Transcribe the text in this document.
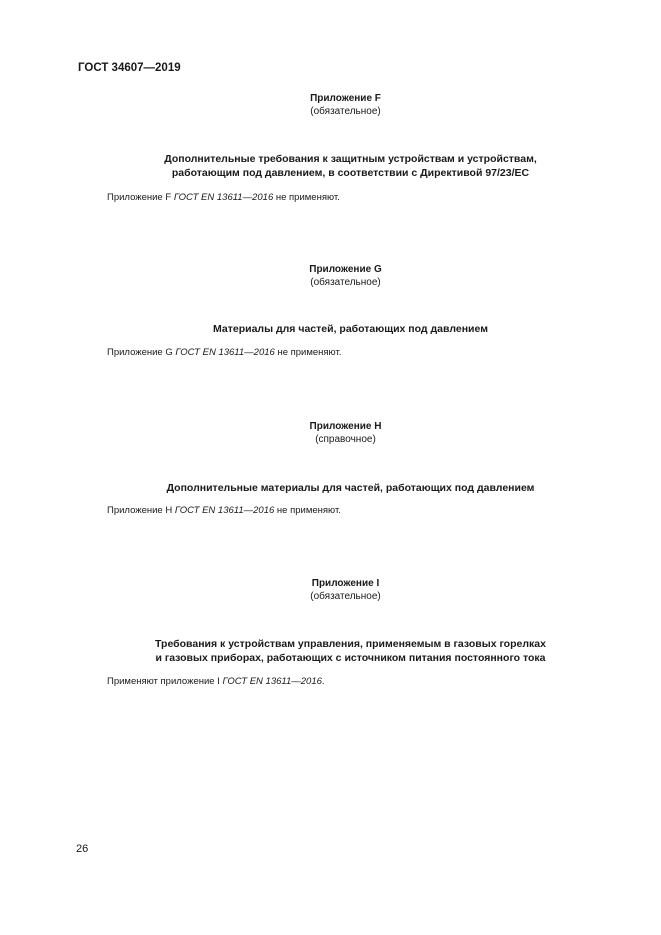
ГОСТ 34607—2019
Приложение F
(обязательное)
Дополнительные требования к защитным устройствам и устройствам,
работающим под давлением, в соответствии с Директивой 97/23/EC
Приложение F ГОСТ EN 13611—2016 не применяют.
Приложение G
(обязательное)
Материалы для частей, работающих под давлением
Приложение G ГОСТ EN 13611—2016 не применяют.
Приложение H
(справочное)
Дополнительные материалы для частей, работающих под давлением
Приложение H ГОСТ EN 13611—2016 не применяют.
Приложение I
(обязательное)
Требования к устройствам управления, применяемым в газовых горелках
и газовых приборах, работающих с источником питания постоянного тока
Применяют приложение I ГОСТ EN 13611—2016.
26
